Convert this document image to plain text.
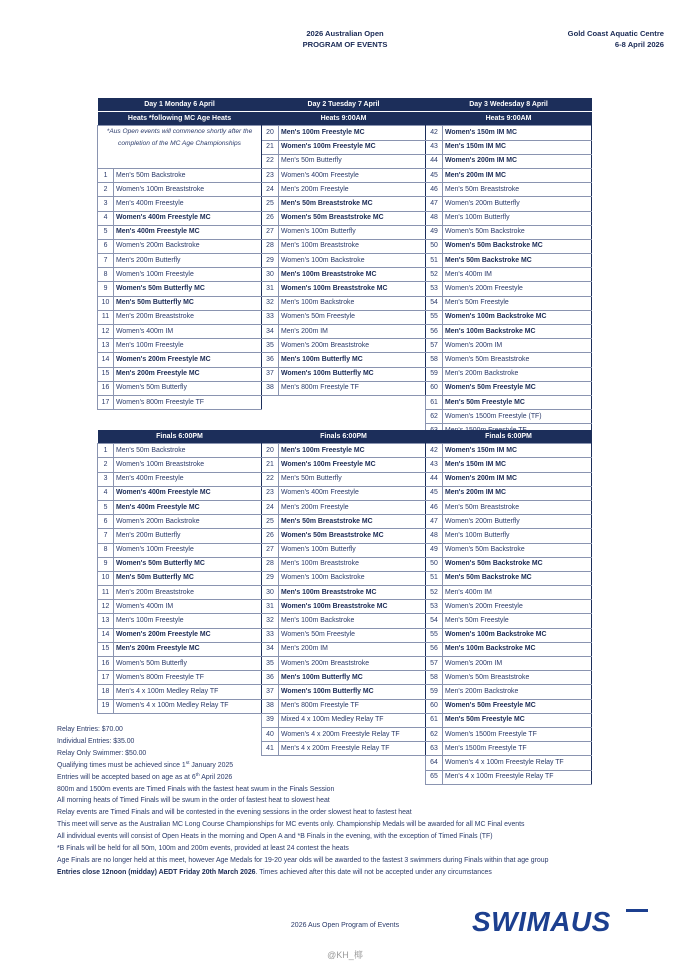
2026 Australian Open
PROGRAM OF EVENTS
Gold Coast Aquatic Centre
6-8 April 2026
Day 1 Monday 6 April		Day 2 Tuesday 7 April		Day 3 Wedesday 8 April	
Heats *following MC Age Heats		Heats 9:00AM		Heats 9:00AM	
*Aus Open events will commence shortly after the completion of the MC Age Championships		20	Men's 100m Freestyle MC	42	Women's 150m IM MC
		21	Women's 100m Freestyle MC	43	Men's 150m IM MC
		22	Men's 50m Butterfly	44	Women's 200m IM MC
1	Men's 50m Backstroke	23	Women's 400m Freestyle	45	Men's 200m IM MC
2	Women's 100m Breaststroke	24	Men's 200m Freestyle	46	Men's 50m Breaststroke
3	Men's 400m Freestyle	25	Men's 50m Breaststroke MC	47	Women's 200m Butterfly
4	Women's 400m Freestyle MC	26	Women's 50m Breaststroke MC	48	Men's 100m Butterfly
5	Men's 400m Freestyle MC	27	Women's 100m Butterfly	49	Women's 50m Backstroke
6	Women's 200m Backstroke	28	Men's 100m Breaststroke	50	Women's 50m Backstroke MC
7	Men's 200m Butterfly	29	Women's 100m Backstroke	51	Men's 50m Backstroke MC
8	Women's 100m Freestyle	30	Men's 100m Breaststroke MC	52	Men's 400m IM
9	Women's 50m Butterfly MC	31	Women's 100m Breaststroke MC	53	Women's 200m Freestyle
10	Men's 50m Butterfly MC	32	Men's 100m Backstroke	54	Men's 50m Freestyle
11	Men's 200m Breaststroke	33	Women's 50m Freestyle	55	Women's 100m Backstroke MC
12	Women's 400m IM	34	Men's 200m IM	56	Men's 100m Backstroke MC
13	Men's 100m Freestyle	35	Women's 200m Breaststroke	57	Women's 200m IM
14	Women's 200m Freestyle MC	36	Men's 100m Butterfly MC	58	Women's 50m Breaststroke
15	Men's 200m Freestyle MC	37	Women's 100m Butterfly MC	59	Men's 200m Backstroke
16	Women's 50m Butterfly	38	Men's 800m Freestyle TF	60	Women's 50m Freestyle MC
17	Women's 800m Freestyle TF			61	Men's 50m Freestyle MC
				62	Women's 1500m Freestyle (TF)

Finals 6:00PM		Finals 6:00PM		Finals 6:00PM	
1	Men's 50m Backstroke	20	Men's 100m Freestyle MC	42	Women's 150m IM MC
2	Women's 100m Breaststroke	21	Women's 100m Freestyle MC	43	Men's 150m IM MC
3	Men's 400m Freestyle	22	Men's 50m Butterfly	44	Women's 200m IM MC
4	Women's 400m Freestyle MC	23	Women's 400m Freestyle	45	Men's 200m IM MC
5	Men's 400m Freestyle MC	24	Men's 200m Freestyle	46	Men's 50m Breaststroke
6	Women's 200m Backstroke	25	Men's 50m Breaststroke MC	47	Women's 200m Butterfly
7	Men's 200m Butterfly	26	Women's 50m Breaststroke MC	48	Men's 100m Butterfly
8	Women's 100m Freestyle	27	Women's 100m Butterfly	49	Women's 50m Backstroke
9	Women's 50m Butterfly MC	28	Men's 100m Breaststroke	50	Women's 50m Backstroke MC
10	Men's 50m Butterfly MC	29	Women's 100m Backstroke	51	Men's 50m Backstroke MC
11	Men's 200m Breaststroke	30	Men's 100m Breaststroke MC	52	Men's 400m IM
12	Women's 400m IM	31	Women's 100m Breaststroke MC	53	Women's 200m Freestyle
13	Men's 100m Freestyle	32	Men's 100m Backstroke	54	Men's 50m Freestyle
14	Women's 200m Freestyle MC	33	Women's 50m Freestyle	55	Women's 100m Backstroke MC
15	Men's 200m Freestyle MC	34	Men's 200m IM	56	Men's 100m Backstroke MC
16	Women's 50m Butterfly	35	Women's 200m Breaststroke	57	Women's 200m IM
17	Women's 800m Freestyle TF	36	Men's 100m Butterfly MC	58	Women's 50m Breaststroke
18	Men's 4 x 100m Medley Relay TF	37	Women's 100m Butterfly MC	59	Men's 200m Backstroke
19	Women's 4 x 100m Medley Relay TF	38	Men's 800m Freestyle TF	60	Women's 50m Freestyle MC
		39	Mixed 4 x 100m Medley Relay TF	61	Men's 50m Freestyle MC
		40	Women's 4 x 200m Freestyle Relay TF	62	Women's 1500m Freestyle TF
		41	Men's 4 x 200m Freestyle Relay TF	63	Men's 1500m Freestyle TF
				64	Women's 4 x 100m Freestyle Relay TF
				65	Men's 4 x 100m Freestyle Relay TF
Relay Entries: $70.00
Individual Entries: $35.00
Relay Only Swimmer: $50.00
Qualifying times must be achieved since 1st January 2025
Entries will be accepted based on age as at 6th April 2026
800m and 1500m events are Timed Finals with the fastest heat swum in the Finals Session
All morning heats of Timed Finals will be swum in the order of fastest heat to slowest heat
Relay events are Timed Finals and will be contested in the evening sessions in the order slowest heat to fastest heat
This meet will serve as the Australian MC Long Course Championships for MC events only. Championship Medals will be awarded for all MC Final events
All individual events will consist of Open Heats in the morning and Open A and *B Finals in the evening, with the exception of Timed Finals (TF)
*B Finals will be held for all 50m, 100m and 200m events, provided at least 24 contest the heats
Age Finals are no longer held at this meet, however Age Medals for 19-20 year olds will be awarded to the fastest 3 swimmers during Finals within that age group
Entries close 12noon (midday) AEDT Friday 20th March 2026. Times achieved after this date will not be accepted under any circumstances
2026 Aus Open Program of Events	SWIMAUS
@KH_椰
